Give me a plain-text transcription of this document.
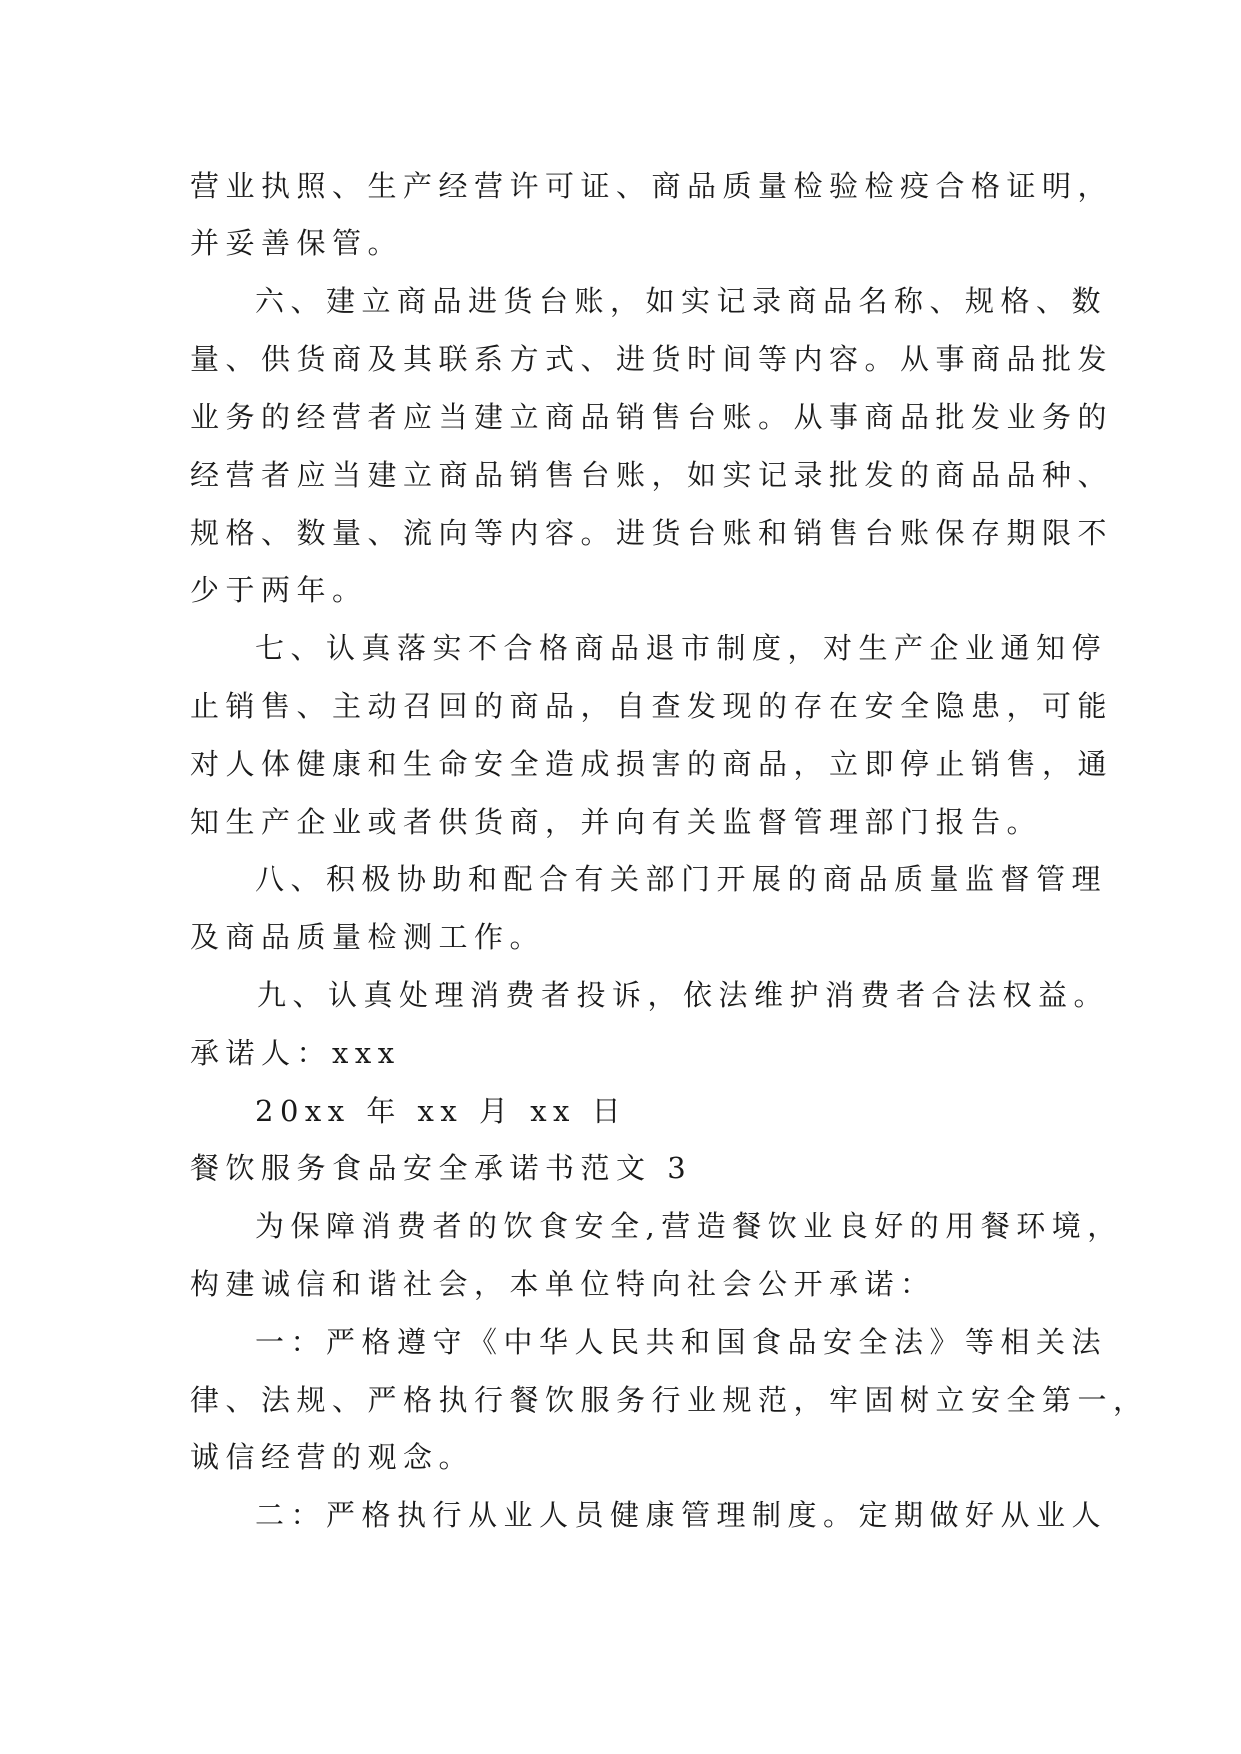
营业执照、生产经营许可证、商品质量检验检疫合格证明，
并妥善保管。
六、建立商品进货台账，如实记录商品名称、规格、数
量、供货商及其联系方式、进货时间等内容。从事商品批发
业务的经营者应当建立商品销售台账。从事商品批发业务的
经营者应当建立商品销售台账，如实记录批发的商品品种、
规格、数量、流向等内容。进货台账和销售台账保存期限不
少于两年。
七、认真落实不合格商品退市制度，对生产企业通知停
止销售、主动召回的商品，自查发现的存在安全隐患，可能
对人体健康和生命安全造成损害的商品，立即停止销售，通
知生产企业或者供货商，并向有关监督管理部门报告。
八、积极协助和配合有关部门开展的商品质量监督管理
及商品质量检测工作。
九、认真处理消费者投诉，依法维护消费者合法权益。
承诺人：xxx
20xx 年 xx 月 xx 日
餐饮服务食品安全承诺书范文 3
为保障消费者的饮食安全,营造餐饮业良好的用餐环境，
构建诚信和谐社会，本单位特向社会公开承诺：
一：严格遵守《中华人民共和国食品安全法》等相关法
律、法规、严格执行餐饮服务行业规范，牢固树立安全第一，
诚信经营的观念。
二：严格执行从业人员健康管理制度。定期做好从业人
